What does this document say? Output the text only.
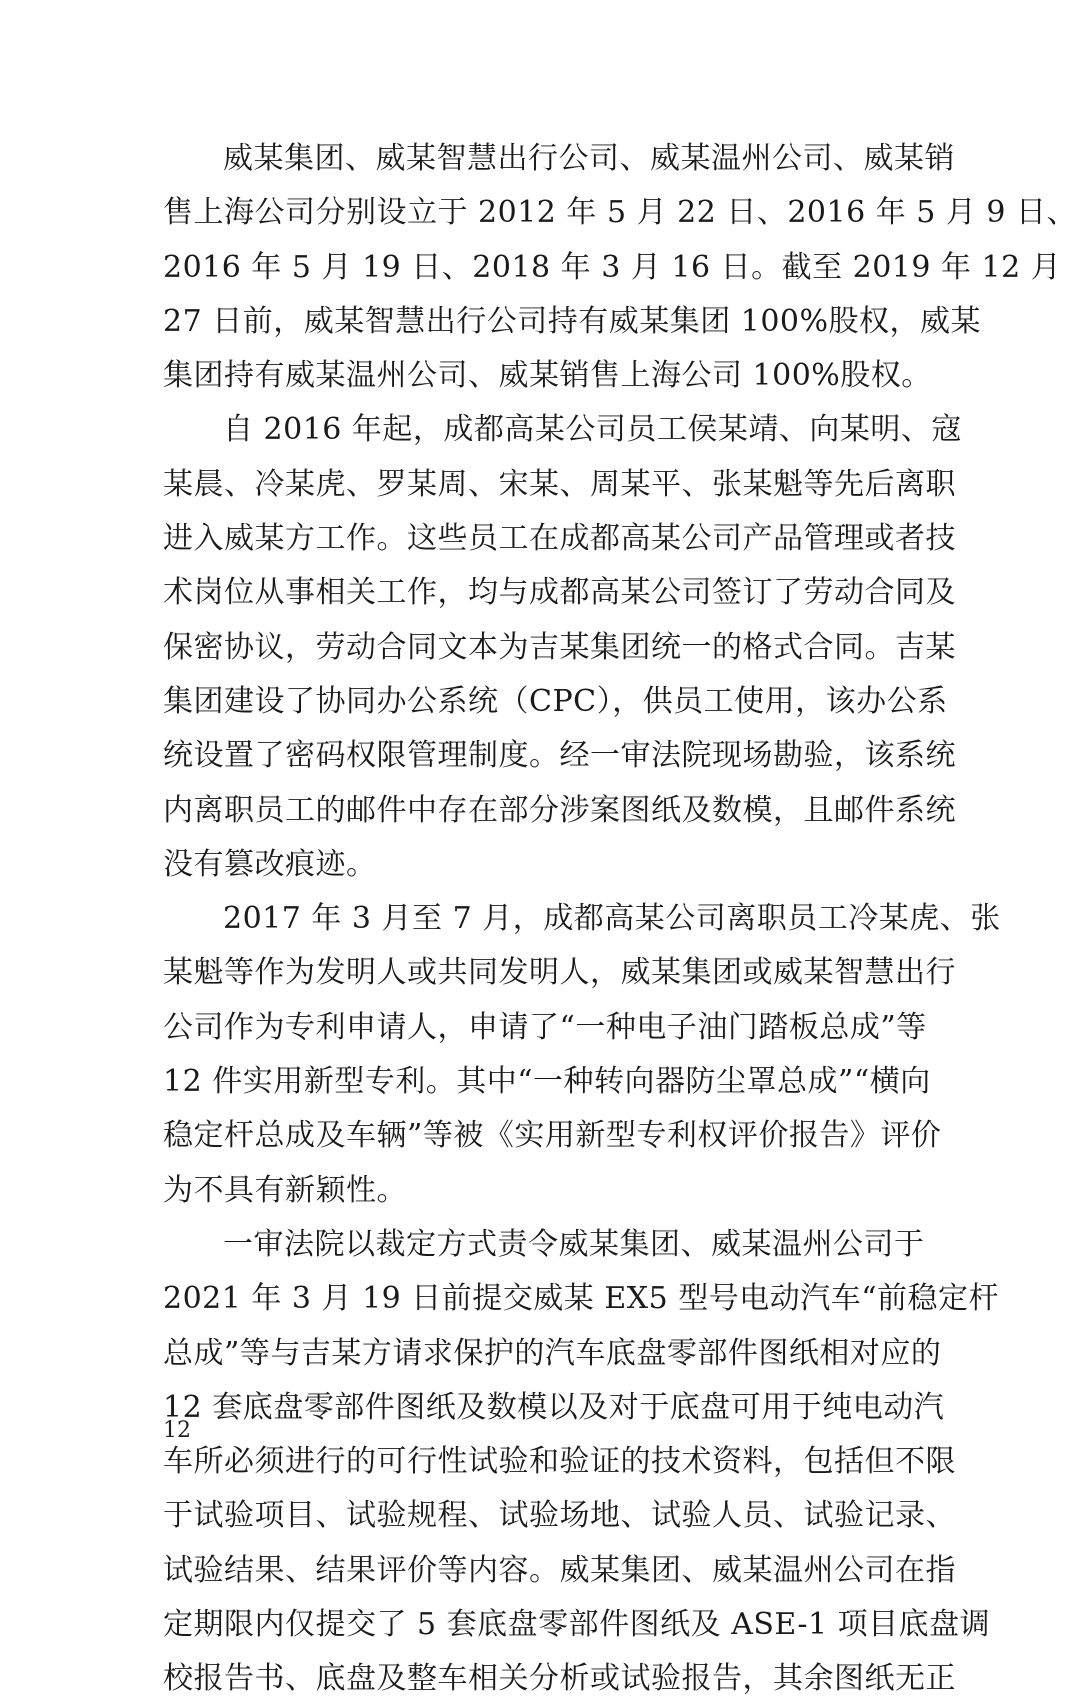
威某集团、威某智慧出行公司、威某温州公司、威某销
售上海公司分别设立于 2012 年 5 月 22 日、2016 年 5 月 9 日、
2016 年 5 月 19 日、2018 年 3 月 16 日。截至 2019 年 12 月
27 日前，威某智慧出行公司持有威某集团 100%股权，威某
集团持有威某温州公司、威某销售上海公司 100%股权。
自 2016 年起，成都高某公司员工侯某靖、向某明、寇
某晨、冷某虎、罗某周、宋某、周某平、张某魁等先后离职
进入威某方工作。这些员工在成都高某公司产品管理或者技
术岗位从事相关工作，均与成都高某公司签订了劳动合同及
保密协议，劳动合同文本为吉某集团统一的格式合同。吉某
集团建设了协同办公系统（CPC），供员工使用，该办公系
统设置了密码权限管理制度。经一审法院现场勘验，该系统
内离职员工的邮件中存在部分涉案图纸及数模，且邮件系统
没有篡改痕迹。
2017 年 3 月至 7 月，成都高某公司离职员工冷某虎、张
某魁等作为发明人或共同发明人，威某集团或威某智慧出行
公司作为专利申请人，申请了“一种电子油门踏板总成”等
12 件实用新型专利。其中“一种转向器防尘罩总成”“横向
稳定杆总成及车辆”等被《实用新型专利权评价报告》评价
为不具有新颖性。
一审法院以裁定方式责令威某集团、威某温州公司于
2021 年 3 月 19 日前提交威某 EX5 型号电动汽车“前稳定杆
总成”等与吉某方请求保护的汽车底盘零部件图纸相对应的
12 套底盘零部件图纸及数模以及对于底盘可用于纯电动汽
车所必须进行的可行性试验和验证的技术资料，包括但不限
于试验项目、试验规程、试验场地、试验人员、试验记录、
试验结果、结果评价等内容。威某集团、威某温州公司在指
定期限内仅提交了 5 套底盘零部件图纸及 ASE-1 项目底盘调
校报告书、底盘及整车相关分析或试验报告，其余图纸无正
12
